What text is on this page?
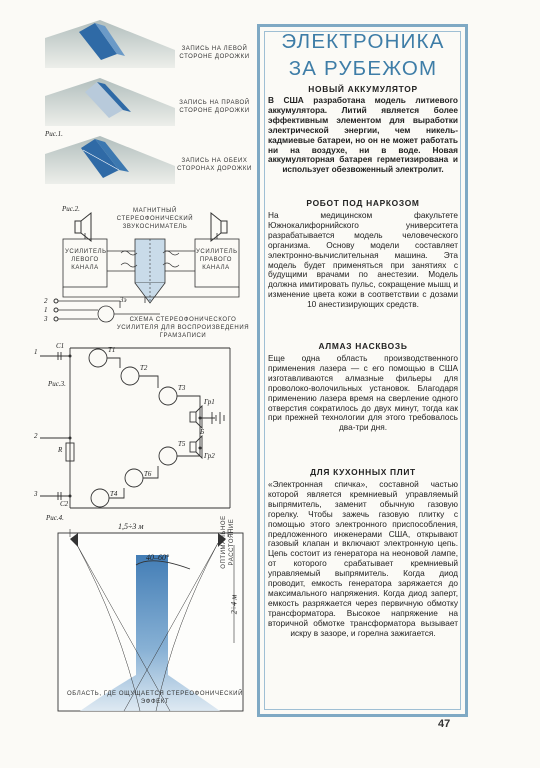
ЭЛЕКТРОНИКА
ЗА РУБЕЖОМ
НОВЫЙ АККУМУЛЯТОР
В США разработана модель литиевого аккумулятора. Литий является более эффективным элементом для выработки электрической энергии, чем никель-кадмиевые батареи, но он не может работать ни на воздухе, ни в воде. Новая аккумуляторная батарея герметизирована и использует обезвоженный электролит.
РОБОТ ПОД НАРКОЗОМ
На медицинском факультете Южнокалифорнийского университета разрабатывается модель человеческого организма. Основу модели составляет электронно-вычислительная машина. Эта модель будет применяться при занятиях с будущими врачами по анестезии. Модель должна имитировать пульс, сокращение мышц и изменение цвета кожи в соответствии с дозами 10 анестизирующих средств.
АЛМАЗ НАСКВОЗЬ
Еще одна область производственного применения лазера — с его помощью в США изготавливаются алмазные фильеры для проволоко-волочильных установок. Благодаря применению лазера время на сверление одного отверстия сократилось до двух минут, тогда как при прежней технологии для этого требовалось два-три дня.
ДЛЯ КУХОННЫХ ПЛИТ
«Электронная спичка», составной частью которой является кремниевый управляемый выпрямитель, заменит обычную газовую горелку. Чтобы зажечь газовую плитку с помощью этого электронного приспособления, предложенного инженерами США, открывают газовый клапан и включают электронную цепь. Цепь состоит из генератора на неоновой лампе, от которого срабатывает кремниевый управляемый выпрямитель. Когда диод проводит, емкость генератора заряжается до максимального напряжения. Когда диод заперт, емкость разряжается через первичную обмотку трансформатора. Высокое напряжение на вторичной обмотке трансформатора вызывает искру в зазоре, и горелна зажигается.
47
ЗАПИСЬ НА ЛЕВОЙ СТОРОНЕ ДОРОЖКИ
ЗАПИСЬ НА ПРАВОЙ СТОРОНЕ ДОРОЖКИ
ЗАПИСЬ НА ОБЕИХ СТОРОНАХ ДОРОЖКИ
Рис.1.
Рис.2.	МАГНИТНЫЙ СТЕРЕОФОНИЧЕСКИЙ ЗВУКОСНИМАТЕЛЬ
УСИЛИТЕЛЬ ЛЕВОГО КАНАЛА
УСИЛИТЕЛЬ ПРАВОГО КАНАЛА
2
1
3
3э
СХЕМА СТЕРЕОФОНИЧЕСКОГО УСИЛИТЕЛЯ ДЛЯ ВОСПРОИЗВЕДЕНИЯ ГРАМЗАПИСИ
Рис.3.
1
2
3
C1	T1
T2
T3
T4
T5
T6
R
Гр1
Гр2
C2
Б
Рис.4.
1,5÷3 м
40–60°	ОПТИМАЛЬНОЕ РАССТОЯНИЕ
2÷4 м
ОБЛАСТЬ, ГДЕ ОЩУЩАЕТСЯ СТЕРЕОФОНИЧЕСКИЙ ЭФФЕКТ
